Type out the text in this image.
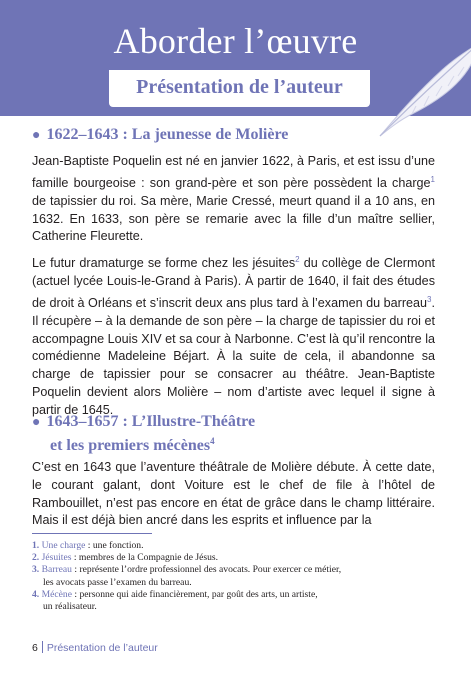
Aborder l’œuvre
Présentation de l’auteur
● 1622–1643 : La jeunesse de Molière

Jean-Baptiste Poquelin est né en janvier 1622, à Paris, et est issu d’une famille bourgeoise : son grand-père et son père possèdent la charge$^1$ de tapissier du roi. Sa mère, Marie Cressé, meurt quand il a 10 ans, en 1632. En 1633, son père se remarie avec la fille d’un maître sellier, Catherine Fleurette.

Le futur dramaturge se forme chez les jésuites$^2$ du collège de Clermont (actuel lycée Louis-le-Grand à Paris). À partir de 1640, il fait des études de droit à Orléans et s’inscrit deux ans plus tard à l’examen du barreau$^3$. Il récupère – à la demande de son père – la charge de tapissier du roi et accompagne Louis XIV et sa cour à Narbonne. C’est là qu’il rencontre la comédienne Madeleine Béjart. À la suite de cela, il abandonne sa charge de tapissier pour se consacrer au théâtre. Jean-Baptiste Poquelin devient alors Molière – nom d’artiste avec lequel il signe à partir de 1645.

● 1643–1657 : L’Illustre-Théâtre
et les premiers mécènes$^4$

C’est en 1643 que l’aventure théâtrale de Molière débute. À cette date, le courant galant, dont Voiture est le chef de file à l’hôtel de Rambouillet, n’est pas encore en état de grâce dans le champ littéraire. Mais il est déjà bien ancré dans les esprits et influence par la

1. Une charge : une fonction.

2. Jésuites : membres de la Compagnie de Jésus.

3. Barreau : représente l’ordre professionnel des avocats. Pour exercer ce métier,

les avocats passe l’examen du barreau.

4. Mécène : personne qui aide financièrement, par goût des arts, un artiste,

un réalisateur.

6 Présentation de l’auteur
